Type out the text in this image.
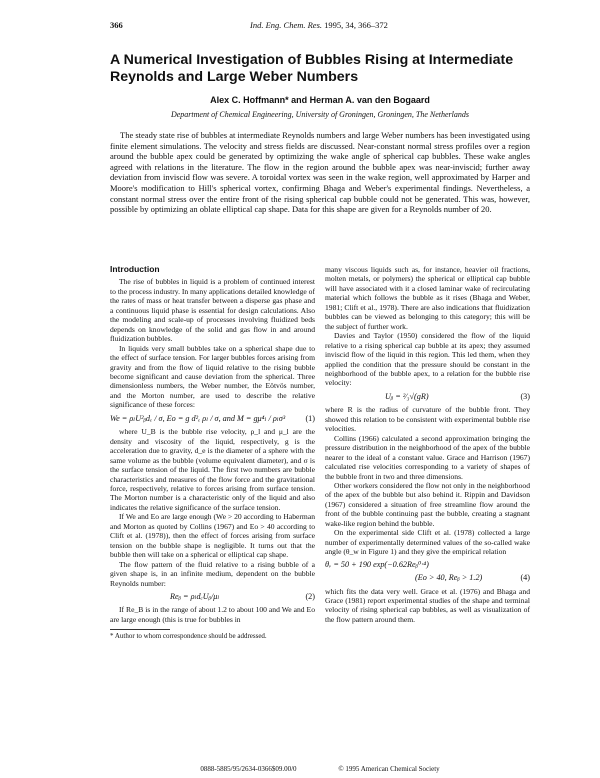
366	Ind. Eng. Chem. Res. 1995, 34, 366–372
A Numerical Investigation of Bubbles Rising at Intermediate Reynolds and Large Weber Numbers
Alex C. Hoffmann* and Herman A. van den Bogaard
Department of Chemical Engineering, University of Groningen, Groningen, The Netherlands

The steady state rise of bubbles at intermediate Reynolds numbers and large Weber numbers has been investigated using finite element simulations. The velocity and stress fields are discussed. Near-constant normal stress profiles over a region around the bubble apex could be generated by optimizing the wake angle of spherical cap bubbles. These wake angles agreed with relations in the literature. The flow in the region around the bubble apex was near-inviscid; further away deviation from inviscid flow was severe. A toroidal vortex was seen in the wake region, well approximated by Harper and Moore's modification to Hill's spherical vortex, confirming Bhaga and Weber's experimental findings. Nevertheless, a constant normal stress over the entire front of the rising spherical cap bubble could not be generated. This was, however, possible by optimizing an oblate elliptical cap shape. Data for this shape are given for a Reynolds number of 20.

Introduction

The rise of bubbles in liquid is a problem of continued interest to the process industry. In many applications detailed knowledge of the rates of mass or heat transfer between a disperse gas phase and a continuous liquid phase is essential for design calculations. Also the modeling and scale-up of processes involving fluidized beds depends on knowledge of the solid and gas flow in and around fluidization bubbles.

In liquids very small bubbles take on a spherical shape due to the effect of surface tension. For larger bubbles forces arising from gravity and from the flow of liquid relative to the rising bubble become significant and cause deviation from the spherical. Three dimensionless numbers, the Weber number, the Eötvös number, and the Morton number, are used to describe the relative significance of these forces:

We = ρₗU²ᵦdₑ / σ, Eo = g d²ₑ ρₗ / σ, and M = gμ⁴ₗ / ρₗσ³ (1)

where U_B is the bubble rise velocity, ρ_l and μ_l are the density and viscosity of the liquid, respectively, g is the acceleration due to gravity, d_e is the diameter of a sphere with the same volume as the bubble (volume equivalent diameter), and σ is the surface tension of the liquid. The first two numbers are bubble characteristics and measures of the flow force and the gravitational force, respectively, relative to forces arising from surface tension. The Morton number is a characteristic only of the liquid and also indicates the relative significance of the surface tension.

If We and Eo are large enough (We > 20 according to Haberman and Morton as quoted by Collins (1967) and Eo > 40 according to Clift et al. (1978)), then the effect of forces arising from surface tension on the bubble shape is negligible. It turns out that the bubble then will take on a spherical or elliptical cap shape.

The flow pattern of the fluid relative to a rising bubble of a given shape is, in an infinite medium, dependent on the bubble Reynolds number:

Reᵦ = ρₗdₑUᵦ/μₗ	(2)

If Re_B is in the range of about 1.2 to about 100 and We and Eo are large enough (this is true for bubbles in

* Author to whom correspondence should be addressed.

many viscous liquids such as, for instance, heavier oil fractions, molten metals, or polymers) the spherical or elliptical cap bubble will have associated with it a closed laminar wake of recirculating material which follows the bubble as it rises (Bhaga and Weber, 1981; Clift et al., 1978). There are also indications that fluidization bubbles can be viewed as belonging to this category; this will be the subject of further work.

Davies and Taylor (1950) considered the flow of the liquid relative to a rising spherical cap bubble at its apex; they assumed inviscid flow of the liquid in this region. This led them, when they applied the condition that the pressure should be constant in the neighborhood of the bubble apex, to a relation for the bubble rise velocity:

Uᵦ = ²⁄₃√(gR)	(3)

where R is the radius of curvature of the bubble front. They showed this relation to be consistent with experimental bubble rise velocities.

Collins (1966) calculated a second approximation bringing the pressure distribution in the neighborhood of the apex of the bubble nearer to the ideal of a constant value. Grace and Harrison (1967) calculated rise velocities corresponding to a variety of shapes of the bubble front in two and three dimensions.

Other workers considered the flow not only in the neighborhood of the apex of the bubble but also behind it. Rippin and Davidson (1967) considered a situation of free streamline flow around the front of the bubble continuing past the bubble, creating a stagnant wake-like region behind the bubble.

On the experimental side Clift et al. (1978) collected a large number of experimentally determined values of the so-called wake angle (θ_w in Figure 1) and they give the empirical relation

θᵥ = 50 + 190 exp(−0.62Reᵦ⁰·⁴)
(Eo > 40, Reᵦ > 1.2)	(4)

which fits the data very well. Grace et al. (1976) and Bhaga and Grace (1981) report experimental studies of the shape and terminal velocity of rising spherical cap bubbles, as well as visualization of the flow pattern around them.

0888-5885/95/2634-0366$09.00/0	© 1995 American Chemical Society
